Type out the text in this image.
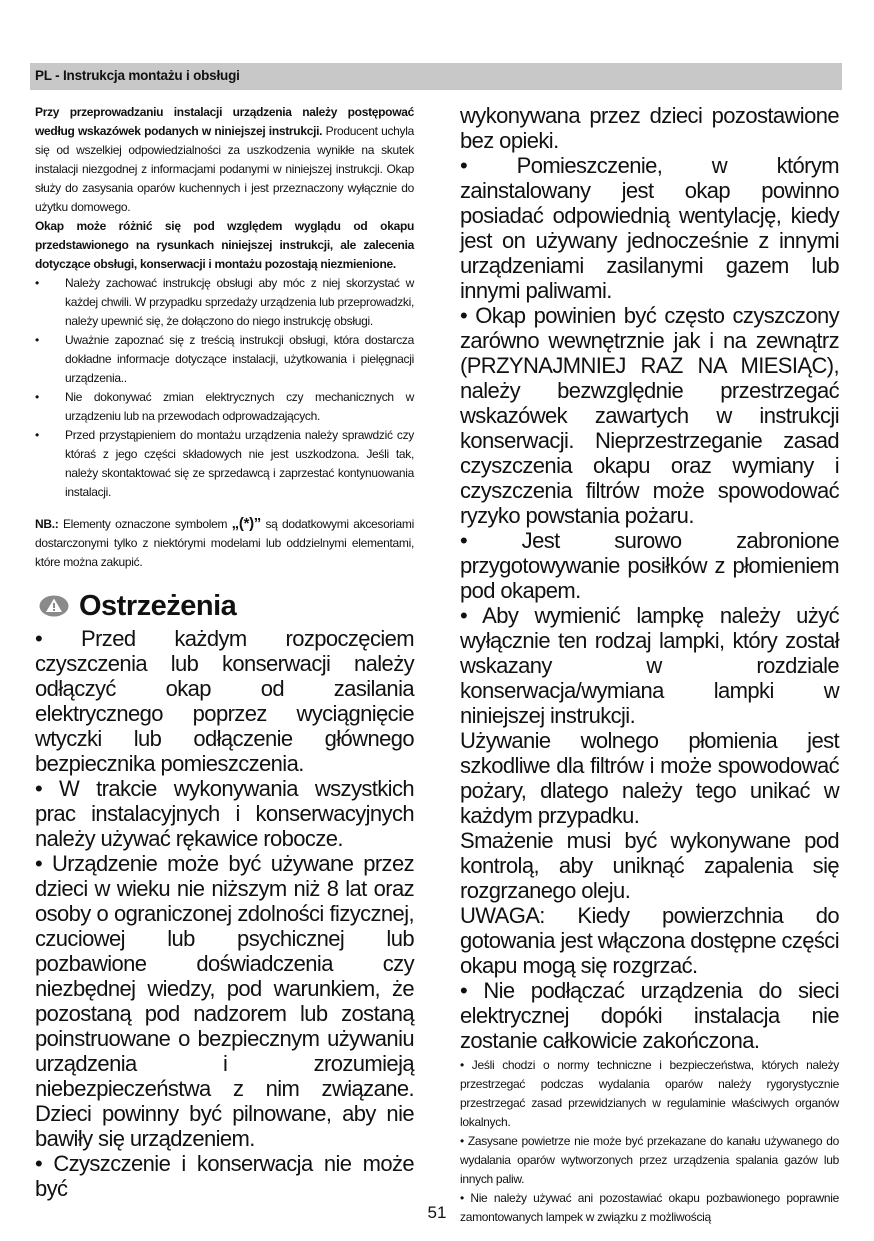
PL - Instrukcja montażu i obsługi

Przy przeprowadzaniu instalacji urządzenia należy postępować według wskazówek podanych w niniejszej instrukcji. Producent uchyla się od wszelkiej odpowiedzialności za uszkodzenia wynikłe na skutek instalacji niezgodnej z informacjami podanymi w niniejszej instrukcji. Okap służy do zasysania oparów kuchennych i jest przeznaczony wyłącznie do użytku domowego.

Okap może różnić się pod względem wyglądu od okapu przedstawionego na rysunkach niniejszej instrukcji, ale zalecenia dotyczące obsługi, konserwacji i montażu pozostają niezmienione.

• Należy zachować instrukcję obsługi aby móc z niej skorzystać w każdej chwili. W przypadku sprzedaży urządzenia lub przeprowadzki, należy upewnić się, że dołączono do niego instrukcję obsługi.
• Uważnie zapoznać się z treścią instrukcji obsługi, która dostarcza dokładne informacje dotyczące instalacji, użytkowania i pielęgnacji urządzenia..
• Nie dokonywać zmian elektrycznych czy mechanicznych w urządzeniu lub na przewodach odprowadzających.
• Przed przystąpieniem do montażu urządzenia należy sprawdzić czy któraś z jego części składowych nie jest uszkodzona. Jeśli tak, należy skontaktować się ze sprzedawcą i zaprzestać kontynuowania instalacji.

NB.: Elementy oznaczone symbolem „(*)” są dodatkowymi akcesoriami dostarczonymi tylko z niektórymi modelami lub oddzielnymi elementami, które można zakupić.

Ostrzeżenia

• Przed każdym rozpoczęciem czyszczenia lub konserwacji należy odłączyć okap od zasilania elektrycznego poprzez wyciągnięcie wtyczki lub odłączenie głównego bezpiecznika pomieszczenia.

• W trakcie wykonywania wszystkich prac instalacyjnych i konserwacyjnych należy używać rękawice robocze.

• Urządzenie może być używane przez dzieci w wieku nie niższym niż 8 lat oraz osoby o ograniczonej zdolności fizycznej, czuciowej lub psychicznej lub pozbawione doświadczenia czy niezbędnej wiedzy, pod warunkiem, że pozostaną pod nadzorem lub zostaną poinstruowane o bezpiecznym używaniu urządzenia i zrozumieją niebezpieczeństwa z nim związane. Dzieci powinny być pilnowane, aby nie bawiły się urządzeniem.

• Czyszczenie i konserwacja nie może być

wykonywana przez dzieci pozostawione bez opieki.

• Pomieszczenie, w którym zainstalowany jest okap powinno posiadać odpowiednią wentylację, kiedy jest on używany jednocześnie z innymi urządzeniami zasilanymi gazem lub innymi paliwami.

• Okap powinien być często czyszczony zarówno wewnętrznie jak i na zewnątrz (PRZYNAJMNIEJ RAZ NA MIESIĄC), należy bezwzględnie przestrzegać wskazówek zawartych w instrukcji konserwacji. Nieprzestrzeganie zasad czyszczenia okapu oraz wymiany i czyszczenia filtrów może spowodować ryzyko powstania pożaru.

• Jest surowo zabronione przygotowywanie posiłków z płomieniem pod okapem.

• Aby wymienić lampkę należy użyć wyłącznie ten rodzaj lampki, który został wskazany w rozdziale konserwacja/wymiana lampki w niniejszej instrukcji.

Używanie wolnego płomienia jest szkodliwe dla filtrów i może spowodować pożary, dlatego należy tego unikać w każdym przypadku.

Smażenie musi być wykonywane pod kontrolą, aby uniknąć zapalenia się rozgrzanego oleju.

UWAGA: Kiedy powierzchnia do gotowania jest włączona dostępne części okapu mogą się rozgrzać.

• Nie podłączać urządzenia do sieci elektrycznej dopóki instalacja nie zostanie całkowicie zakończona.

• Jeśli chodzi o normy techniczne i bezpieczeństwa, których należy przestrzegać podczas wydalania oparów należy rygorystycznie przestrzegać zasad przewidzianych w regulaminie właściwych organów lokalnych.

• Zasysane powietrze nie może być przekazane do kanału używanego do wydalania oparów wytworzonych przez urządzenia spalania gazów lub innych paliw.

• Nie należy używać ani pozostawiać okapu pozbawionego poprawnie zamontowanych lampek w związku z możliwością

51
